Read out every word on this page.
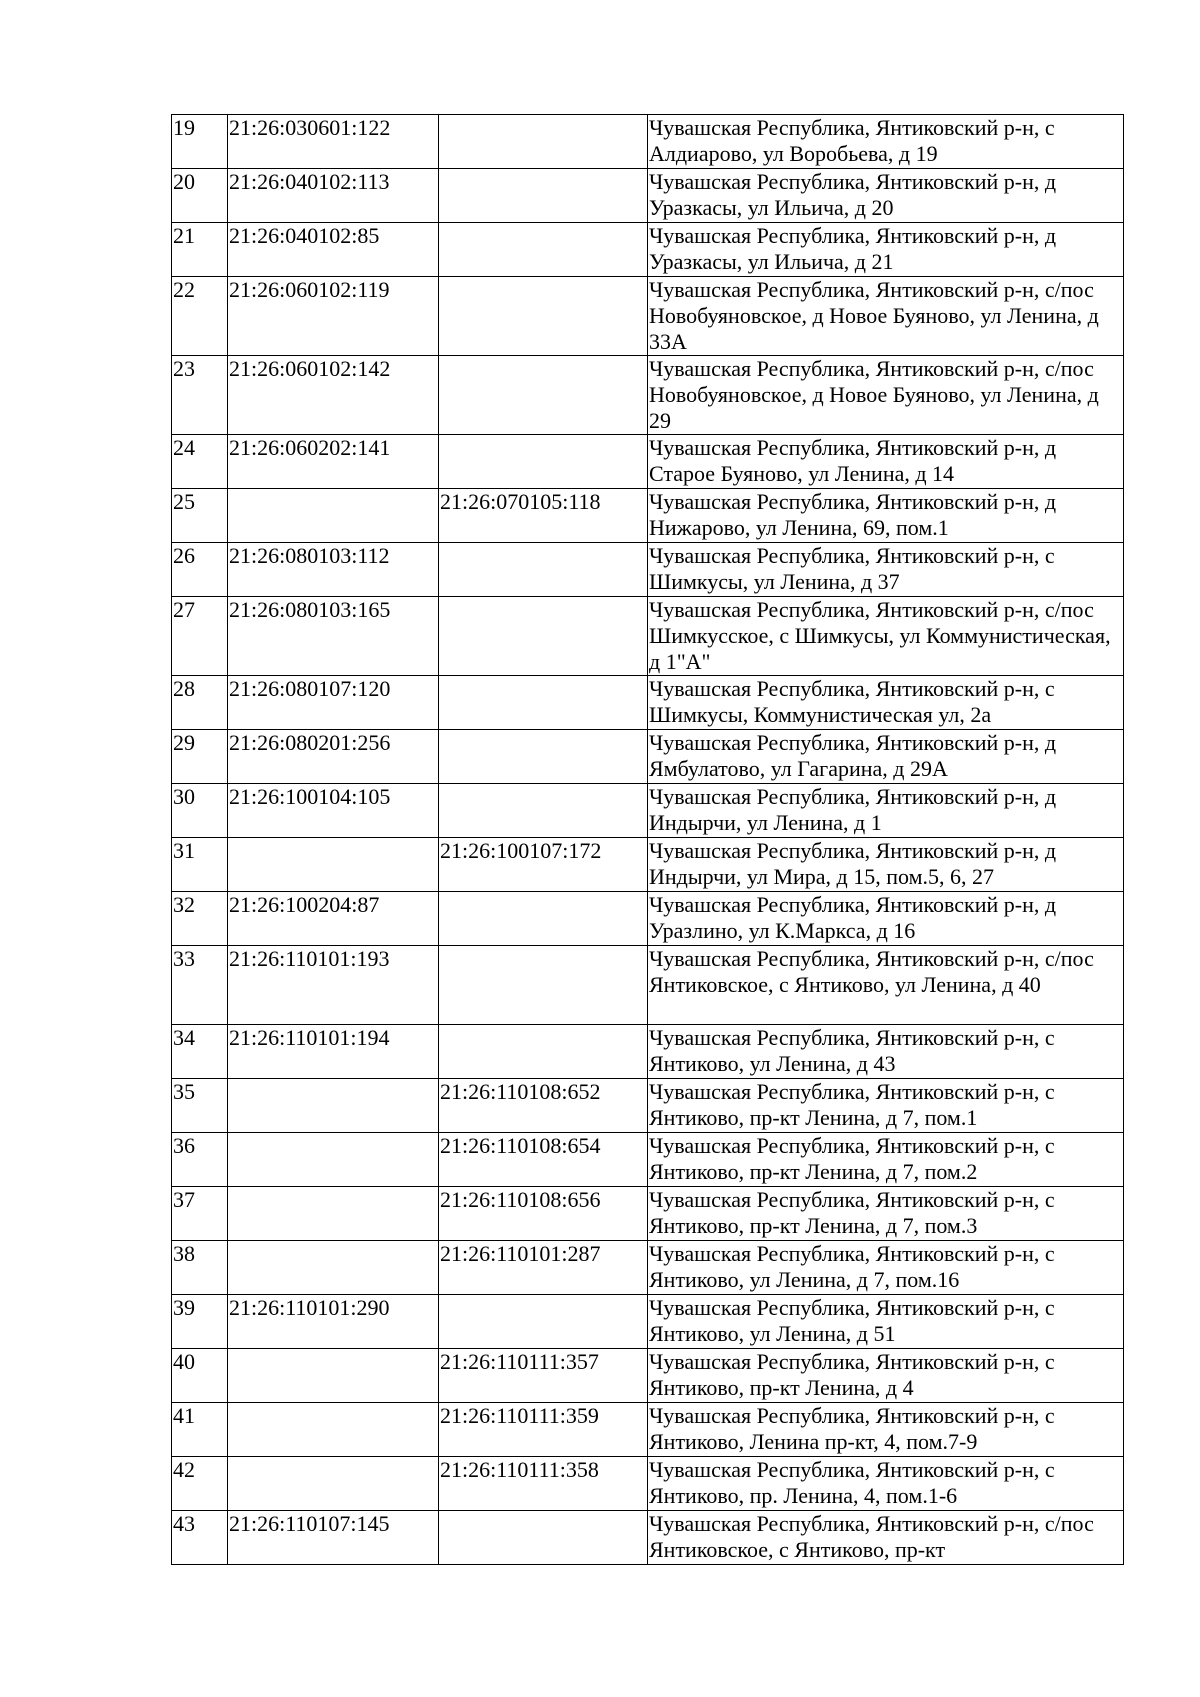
19	21:26:030601:122		Чувашская Республика, Янтиковский р-н, с Алдиарово, ул Воробьева, д 19
20	21:26:040102:113		Чувашская Республика, Янтиковский р-н, д Уразкасы, ул Ильича, д 20
21	21:26:040102:85		Чувашская Республика, Янтиковский р-н, д Уразкасы, ул Ильича, д 21
22	21:26:060102:119		Чувашская Республика, Янтиковский р-н, с/пос Новобуяновское, д Новое Буяново, ул Ленина, д 33А
23	21:26:060102:142		Чувашская Республика, Янтиковский р-н, с/пос Новобуяновское, д Новое Буяново, ул Ленина, д 29
24	21:26:060202:141		Чувашская Республика, Янтиковский р-н, д Старое Буяново, ул Ленина, д 14
25		21:26:070105:118	Чувашская Республика, Янтиковский р-н, д Нижарово, ул Ленина, 69, пом.1
26	21:26:080103:112		Чувашская Республика, Янтиковский р-н, с Шимкусы, ул Ленина, д 37
27	21:26:080103:165		Чувашская Республика, Янтиковский р-н, с/пос Шимкусское, с Шимкусы, ул Коммунистическая, д 1"А"
28	21:26:080107:120		Чувашская Республика, Янтиковский р-н, с Шимкусы, Коммунистическая ул, 2а
29	21:26:080201:256		Чувашская Республика, Янтиковский р-н, д Ямбулатово, ул Гагарина, д 29А
30	21:26:100104:105		Чувашская Республика, Янтиковский р-н, д Индырчи, ул Ленина, д 1
31		21:26:100107:172	Чувашская Республика, Янтиковский р-н, д Индырчи, ул Мира, д 15, пом.5, 6, 27
32	21:26:100204:87		Чувашская Республика, Янтиковский р-н, д Уразлино, ул К.Маркса, д 16
33	21:26:110101:193		Чувашская Республика, Янтиковский р-н, с/пос Янтиковское, с Янтиково, ул Ленина, д 40
34	21:26:110101:194		Чувашская Республика, Янтиковский р-н, с Янтиково, ул Ленина, д 43
35		21:26:110108:652	Чувашская Республика, Янтиковский р-н, с Янтиково, пр-кт Ленина, д 7, пом.1
36		21:26:110108:654	Чувашская Республика, Янтиковский р-н, с Янтиково, пр-кт Ленина, д 7, пом.2
37		21:26:110108:656	Чувашская Республика, Янтиковский р-н, с Янтиково, пр-кт Ленина, д 7, пом.3
38		21:26:110101:287	Чувашская Республика, Янтиковский р-н, с Янтиково, ул Ленина, д 7, пом.16
39	21:26:110101:290		Чувашская Республика, Янтиковский р-н, с Янтиково, ул Ленина, д 51
40		21:26:110111:357	Чувашская Республика, Янтиковский р-н, с Янтиково, пр-кт Ленина, д 4
41		21:26:110111:359	Чувашская Республика, Янтиковский р-н, с Янтиково, Ленина пр-кт, 4, пом.7-9
42		21:26:110111:358	Чувашская Республика, Янтиковский р-н, с Янтиково, пр. Ленина, 4, пом.1-6
43	21:26:110107:145		Чувашская Республика, Янтиковский р-н, с/пос Янтиковское, с Янтиково, пр-кт
